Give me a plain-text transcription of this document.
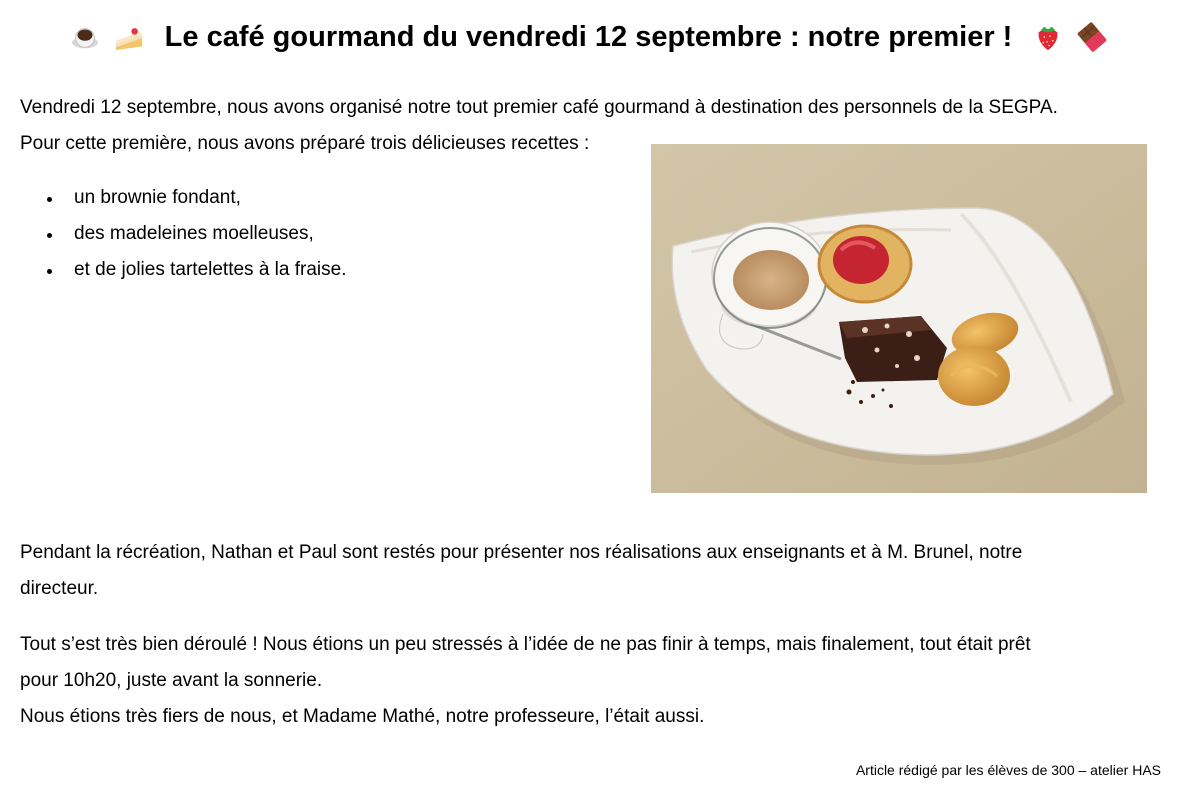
Le café gourmand du vendredi 12 septembre : notre premier !
Vendredi 12 septembre, nous avons organisé notre tout premier café gourmand à destination des personnels de la SEGPA.
Pour cette première, nous avons préparé trois délicieuses recettes :
un brownie fondant,
des madeleines moelleuses,
et de jolies tartelettes à la fraise.
Pendant la récréation, Nathan et Paul sont restés pour présenter nos réalisations aux enseignants et à M. Brunel, notre
directeur.
Tout s’est très bien déroulé ! Nous étions un peu stressés à l’idée de ne pas finir à temps, mais finalement, tout était prêt
pour 10h20, juste avant la sonnerie.
Nous étions très fiers de nous, et Madame Mathé, notre professeure, l’était aussi.
Article rédigé par les élèves de 300 – atelier HAS
